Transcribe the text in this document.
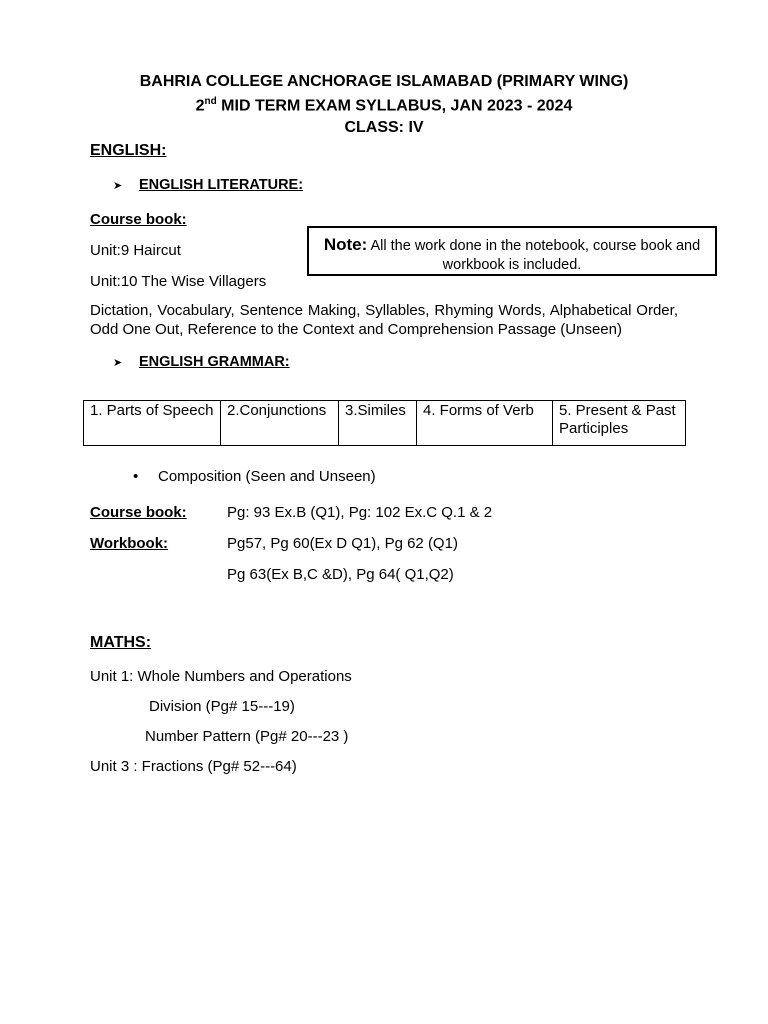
BAHRIA COLLEGE ANCHORAGE ISLAMABAD (PRIMARY WING)
2nd MID TERM EXAM SYLLABUS, JAN 2023 - 2024
CLASS: IV
ENGLISH:
➤ ENGLISH LITERATURE:
Course book:
Unit:9 Haircut
Unit:10 The Wise Villagers
Note: All the work done in the notebook, course book and workbook is included.
Dictation, Vocabulary, Sentence Making, Syllables, Rhyming Words, Alphabetical Order, Odd One Out, Reference to the Context and Comprehension Passage (Unseen)
➤ ENGLISH GRAMMAR:
1. Parts of Speech	2.Conjunctions	3.Similes	4. Forms of Verb	5. Present & Past Participles
• Composition (Seen and Unseen)
Course book:	Pg: 93 Ex.B (Q1), Pg: 102 Ex.C Q.1 & 2
Workbook:	Pg57, Pg 60(Ex D Q1), Pg 62 (Q1)
Pg 63(Ex B,C &D), Pg 64( Q1,Q2)
MATHS:
Unit 1: Whole Numbers and Operations
Division (Pg# 15---19)
Number Pattern (Pg# 20---23 )
Unit 3 : Fractions (Pg# 52---64)
